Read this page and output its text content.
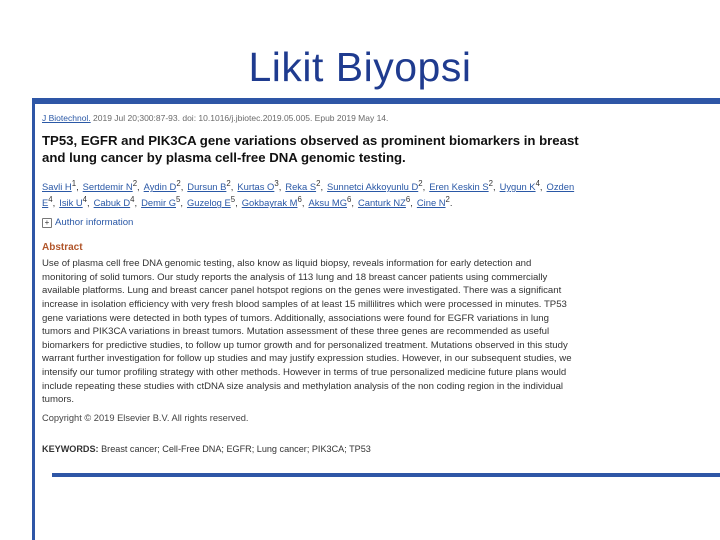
Likit Biyopsi
J Biotechnol. 2019 Jul 20;300:87-93. doi: 10.1016/j.jbiotec.2019.05.005. Epub 2019 May 14.
TP53, EGFR and PIK3CA gene variations observed as prominent biomarkers in breast and lung cancer by plasma cell-free DNA genomic testing.
Savli $H^1$, Sertdemir $N^2$, Aydin $D^2$, Dursun $B^2$, Kurtas $O^3$, Reka $S^2$, Sunnetci Akkoyunlu $D^2$, Eren Keskin $S^2$, Uygun $K^4$, Ozden $E^4$, Isik $U^4$, Cabuk $D^4$, Demir $G^5$, Guzelog $E^5$, Gokbayrak $M^6$, Aksu $MG^6$, Canturk $NZ^6$, Cine $N^2$.
+ Author information
Abstract
Use of plasma cell free DNA genomic testing, also know as liquid biopsy, reveals information for early detection and monitoring of solid tumors. Our study reports the analysis of 113 lung and 18 breast cancer patients using commercially available platforms. Lung and breast cancer panel hotspot regions on the genes were investigated. There was a significant increase in isolation efficiency with very fresh blood samples of at least 15 millilitres which were processed in minutes. TP53 gene variations were detected in both types of tumors. Additionally, associations were found for EGFR variations in lung tumors and PIK3CA variations in breast tumors. Mutation assessment of these three genes are recommended as useful biomarkers for predictive studies, to follow up tumor growth and for personalized treatment. Mutations observed in this study warrant further investigation for follow up studies and may justify expression studies. However, in our subsequent studies, we intensify our tumor profiling strategy with other methods. However in terms of true personalized medicine future plans would include repeating these studies with ctDNA size analysis and methylation analysis of the non coding region in the individual tumors.
Copyright © 2019 Elsevier B.V. All rights reserved.
KEYWORDS: Breast cancer; Cell-Free DNA; EGFR; Lung cancer; PIK3CA; TP53
